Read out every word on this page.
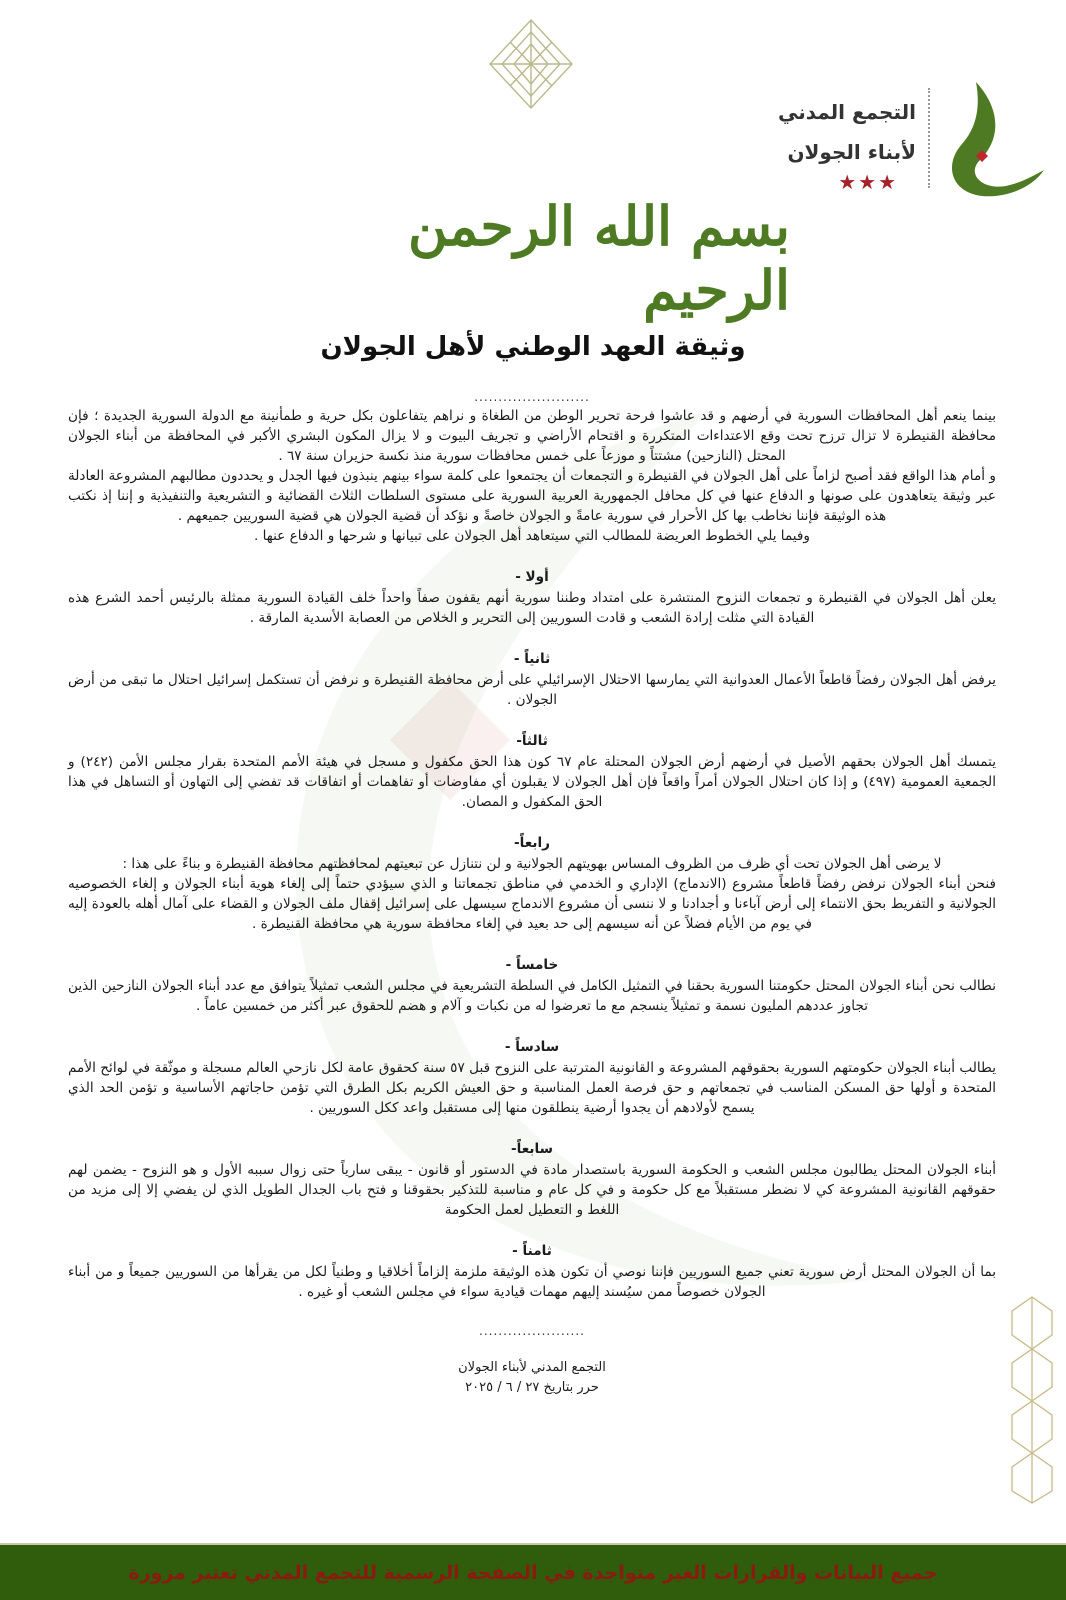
التجمع المدني
لأبناء الجولان
★★★
بسم الله الرحمن الرحيم
وثيقة العهد الوطني لأهل الجولان
........................

بينما ينعم أهل المحافظات السورية في أرضهم و قد عاشوا فرحة تحرير الوطن من الطغاة و نراهم يتفاعلون بكل حرية و طمأنينة مع الدولة السورية الجديدة ؛ فإن محافظة القنيطرة لا تزال ترزح تحت وقع الاعتداءات المتكررة و اقتحام الأراضي و تجريف البيوت و لا يزال المكون البشري الأكبر في المحافظة من أبناء الجولان المحتل (النازحين) مشتتاً و موزعاً على خمس محافظات سورية منذ نكسة حزيران سنة ٦٧ .

و أمام هذا الواقع فقد أصبح لزاماً على أهل الجولان في القنيطرة و التجمعات أن يجتمعوا على كلمة سواء بينهم ينبذون فيها الجدل و يحددون مطالبهم المشروعة العادلة عبر وثيقة يتعاهدون على صونها و الدفاع عنها في كل محافل الجمهورية العربية السورية على مستوى السلطات الثلاث القضائية و التشريعية والتنفيذية و إننا إذ نكتب هذه الوثيقة فإننا نخاطب بها كل الأحرار في سورية عامةً و الجولان خاصةً و نؤكد أن قضية الجولان هي قضية السوريين جميعهم .

وفيما يلي الخطوط العريضة للمطالب التي سيتعاهد أهل الجولان على تبيانها و شرحها و الدفاع عنها .

أولا -

يعلن أهل الجولان في القنيطرة و تجمعات النزوح المنتشرة على امتداد وطننا سورية أنهم يقفون صفاً واحداً خلف القيادة السورية ممثلة بالرئيس أحمد الشرع هذه القيادة التي مثلت إرادة الشعب و قادت السوريين إلى التحرير و الخلاص من العصابة الأسدية المارقة .

ثانياً -

يرفض أهل الجولان رفضاً قاطعاً الأعمال العدوانية التي يمارسها الاحتلال الإسرائيلي على أرض محافظة القنيطرة و نرفض أن تستكمل إسرائيل احتلال ما تبقى من أرض الجولان .

ثالثاً-

يتمسك أهل الجولان بحقهم الأصيل في أرضهم أرض الجولان المحتلة عام ٦٧ كون هذا الحق مكفول و مسجل في هيئة الأمم المتحدة بقرار مجلس الأمن (٢٤٢) و الجمعية العمومية (٤٩٧) و إذا كان احتلال الجولان أمراً واقعاً فإن أهل الجولان لا يقبلون أي مفاوضات أو تفاهمات أو اتفاقات قد تفضي إلى التهاون أو التساهل في هذا الحق المكفول و المصان.

رابعاً-

لا يرضى أهل الجولان تحت أي ظرف من الظروف المساس بهويتهم الجولانية و لن نتنازل عن تبعيتهم لمحافظتهم محافظة القنيطرة و بناءً على هذا :

فنحن أبناء الجولان نرفض رفضاً قاطعاً مشروع (الاندماج) الإداري و الخدمي في مناطق تجمعاتنا و الذي سيؤدي حتماً إلى إلغاء هوية أبناء الجولان و إلغاء الخصوصيه الجولانية و التفريط بحق الانتماء إلى أرض آباءنا و أجدادنا و لا ننسى أن مشروع الاندماج سيسهل على إسرائيل إقفال ملف الجولان و القضاء على آمال أهله بالعودة إليه في يوم من الأيام فضلاً عن أنه سيسهم إلى حد بعيد في إلغاء محافظة سورية هي محافظة القنيطرة .

خامساً -

نطالب نحن أبناء الجولان المحتل حكومتنا السورية بحقنا في التمثيل الكامل في السلطة التشريعية في مجلس الشعب تمثيلاً يتوافق مع عدد أبناء الجولان النازحين الذين تجاوز عددهم المليون نسمة و تمثيلاً ينسجم مع ما تعرضوا له من نكبات و آلام و هضم للحقوق عبر أكثر من خمسين عاماً .

سادساً -

يطالب أبناء الجولان حكومتهم السورية بحقوقهم المشروعة و القانونية المترتبة على النزوح قبل ٥٧ سنة كحقوق عامة لكل نازحي العالم مسجلة و موثّقة في لوائح الأمم المتحدة و أولها حق المسكن المناسب في تجمعاتهم و حق فرصة العمل المناسبة و حق العيش الكريم بكل الطرق التي تؤمن حاجاتهم الأساسية و تؤمن الحد الذي يسمح لأولادهم أن يجدوا أرضية ينطلقون منها إلى مستقبل واعد ككل السوريين .

سابعاً-

أبناء الجولان المحتل يطالبون مجلس الشعب و الحكومة السورية باستصدار مادة في الدستور أو قانون - يبقى سارياً حتى زوال سببه الأول و هو النزوح - يضمن لهم حقوقهم القانونية المشروعة كي لا نضطر مستقبلاً مع كل حكومة و في كل عام و مناسبة للتذكير بحقوقنا و فتح باب الجدال الطويل الذي لن يفضي إلا إلى مزيد من اللغط و التعطيل لعمل الحكومة

ثامناً -

بما أن الجولان المحتل أرض سورية تعني جميع السوريين فإننا نوصي أن تكون هذه الوثيقة ملزمة إلزاماً أخلاقيا و وطنياً لكل من يقرأها من السوريين جميعاً و من أبناء الجولان خصوصاً ممن سيُسند إليهم مهمات قيادية سواء في مجلس الشعب أو غيره .

......................
التجمع المدني لأبناء الجولان
حرر بتاريخ ٢٧ / ٦ / ٢٠٢٥
جميع البيانات والقرارات الغير متواجدة في الصفحة الرسمية للتجمع المدني تعتبر مزورة
